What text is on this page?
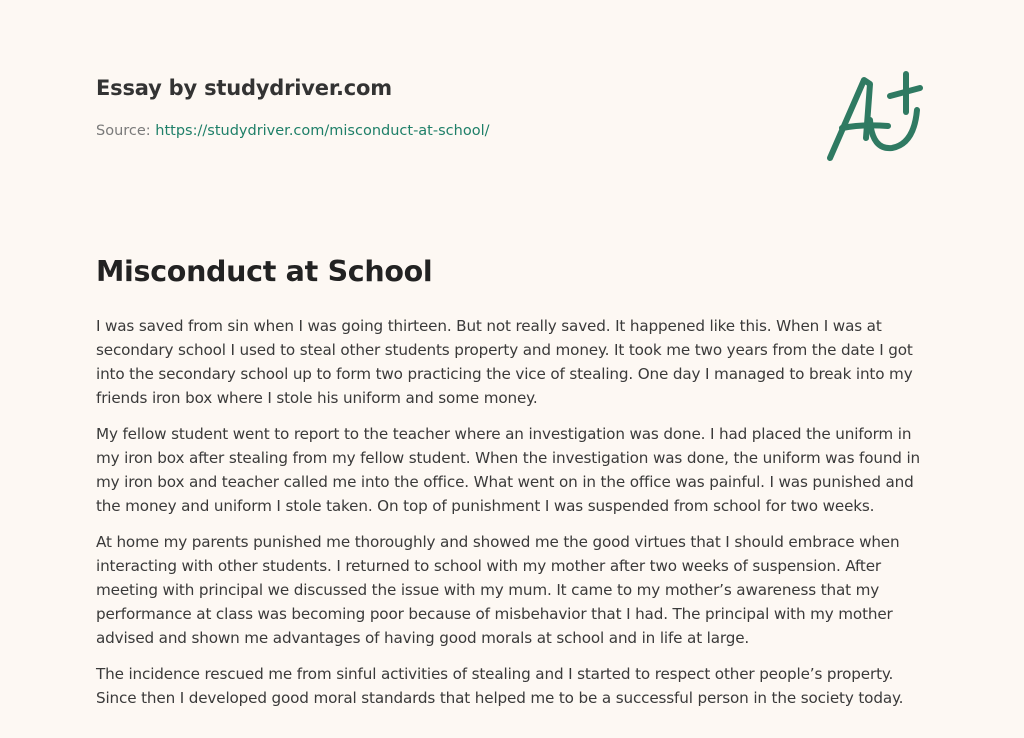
Essay by studydriver.com
Source: https://studydriver.com/misconduct-at-school/
Misconduct at School

I was saved from sin when I was going thirteen. But not really saved. It happened like this. When I was at secondary school I used to steal other students property and money. It took me two years from the date I got into the secondary school up to form two practicing the vice of stealing. One day I managed to break into my friends iron box where I stole his uniform and some money.

My fellow student went to report to the teacher where an investigation was done. I had placed the uniform in my iron box after stealing from my fellow student. When the investigation was done, the uniform was found in my iron box and teacher called me into the office. What went on in the office was painful. I was punished and the money and uniform I stole taken. On top of punishment I was suspended from school for two weeks.

At home my parents punished me thoroughly and showed me the good virtues that I should embrace when interacting with other students. I returned to school with my mother after two weeks of suspension. After meeting with principal we discussed the issue with my mum. It came to my mother’s awareness that my performance at class was becoming poor because of misbehavior that I had. The principal with my mother advised and shown me advantages of having good morals at school and in life at large.

The incidence rescued me from sinful activities of stealing and I started to respect other people’s property. Since then I developed good moral standards that helped me to be a successful person in the society today.
